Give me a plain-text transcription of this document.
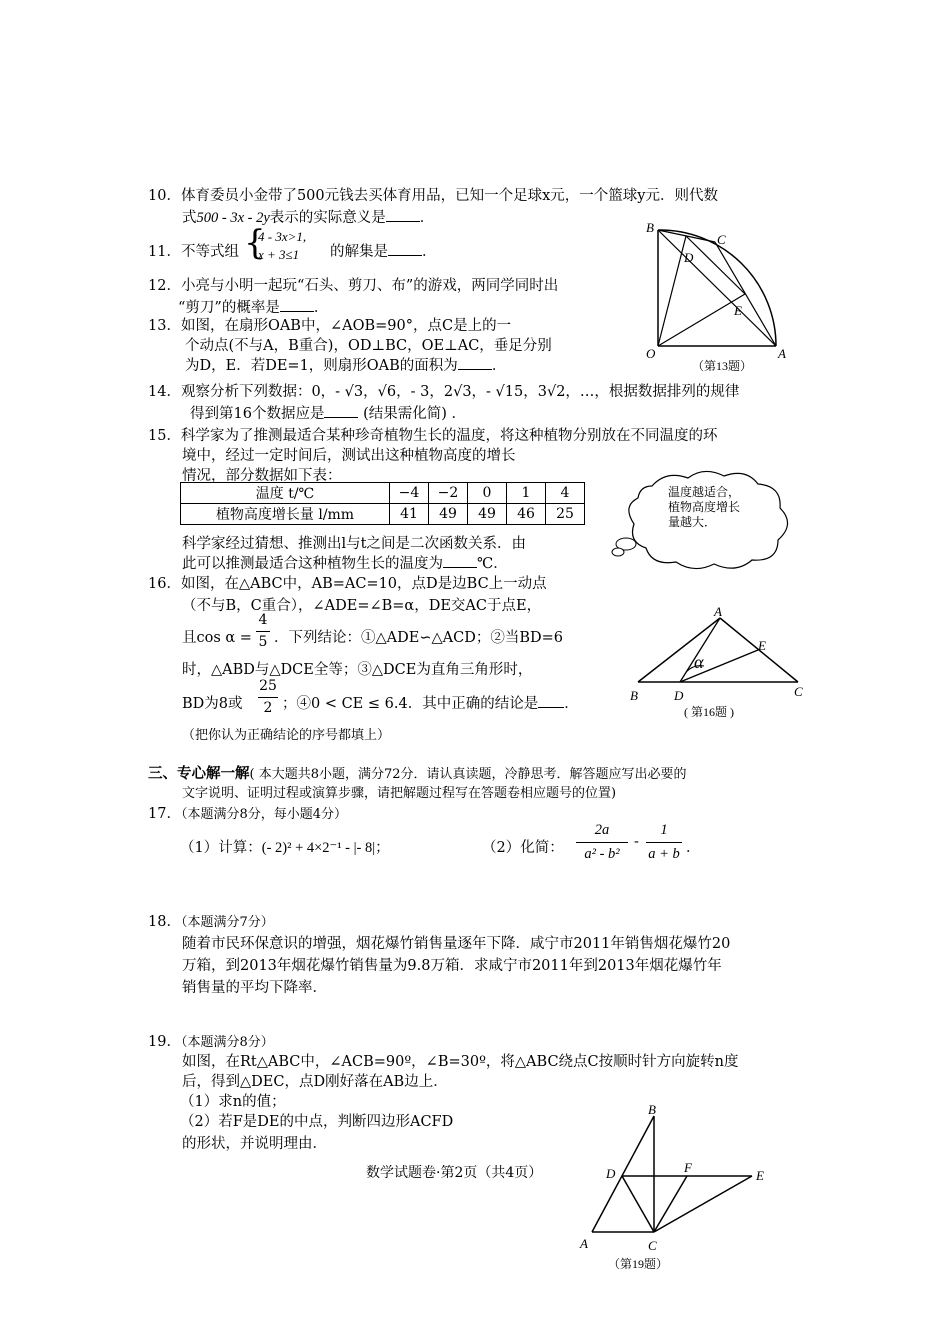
10．体育委员小金带了500元钱去买体育用品，已知一个足球x元，一个篮球y元．则代数
式500 - 3x - 2y表示的实际意义是 ．
11．不等式组 {
4 - 3x>1,
x + 3≤1 的解集是 ．
12．小亮与小明一起玩“石头、剪刀、布”的游戏，两同学同时出
“剪刀”的概率是 ．
13．如图，在扇形OAB中，∠AOB=90°，点C是上的一
个动点(不与A，B重合)，OD⊥BC，OE⊥AC，垂足分别
为D，E．若DE=1，则扇形OAB的面积为 ．
B
C
D
E
O	A
（第13题）
14．观察分析下列数据：0，- √3，√6，- 3，2√3，- √15，3√2，…，根据数据排列的规律
得到第16个数据应是	(结果需化简) ．
15．科学家为了推测最适合某种珍奇植物生长的温度，将这种植物分别放在不同温度的环
境中，经过一定时间后，测试出这种植物高度的增长
情况，部分数据如下表：
温度 t/℃	−4	−2	0	1	4
植物高度增长量 l/mm	41	49	49	46	25
温度越适合，
植物高度增长
量越大．
科学家经过猜想、推测出l与t之间是二次函数关系．由
此可以推测最适合这种植物生长的温度为 ℃．
16．如图，在△ABC中，AB=AC=10，点D是边BC上一动点
（不与B，C重合），∠ADE=∠B=α，DE交AC于点E，
且cos α =
4
5 ．下列结论：①△ADE∽△ACD；②当BD=6
时，△ABD与△DCE全等；③△DCE为直角三角形时，
BD为8或
25
2 ；④0 < CE ≤ 6.4．其中正确的结论是 ．
（把你认为正确结论的序号都填上）
A
E
α
B	D	C
( 第16题 )
三、专心解一解( 本大题共8小题，满分72分．请认真读题，冷静思考．解答题应写出必要的
文字说明、证明过程或演算步骤，请把解题过程写在答题卷相应题号的位置)
17．（本题满分8分，每小题4分）
（1）计算：(- 2)² + 4×2⁻¹ - |- 8|；	（2）化简：
2a
a² - b²
-
1
a + b ．
18．（本题满分7分）
随着市民环保意识的增强，烟花爆竹销售量逐年下降．咸宁市2011年销售烟花爆竹20
万箱，到2013年烟花爆竹销售量为9.8万箱．求咸宁市2011年到2013年烟花爆竹年
销售量的平均下降率．
19．（本题满分8分）
如图，在Rt△ABC中，∠ACB=90º，∠B=30º，将△ABC绕点C按顺时针方向旋转n度
后，得到△DEC，点D刚好落在AB边上．
（1）求n的值；
（2）若F是DE的中点，判断四边形ACFD
的形状，并说明理由．
B
F
D	E
A	C
（第19题）
数学试题卷·第2页（共4页）
